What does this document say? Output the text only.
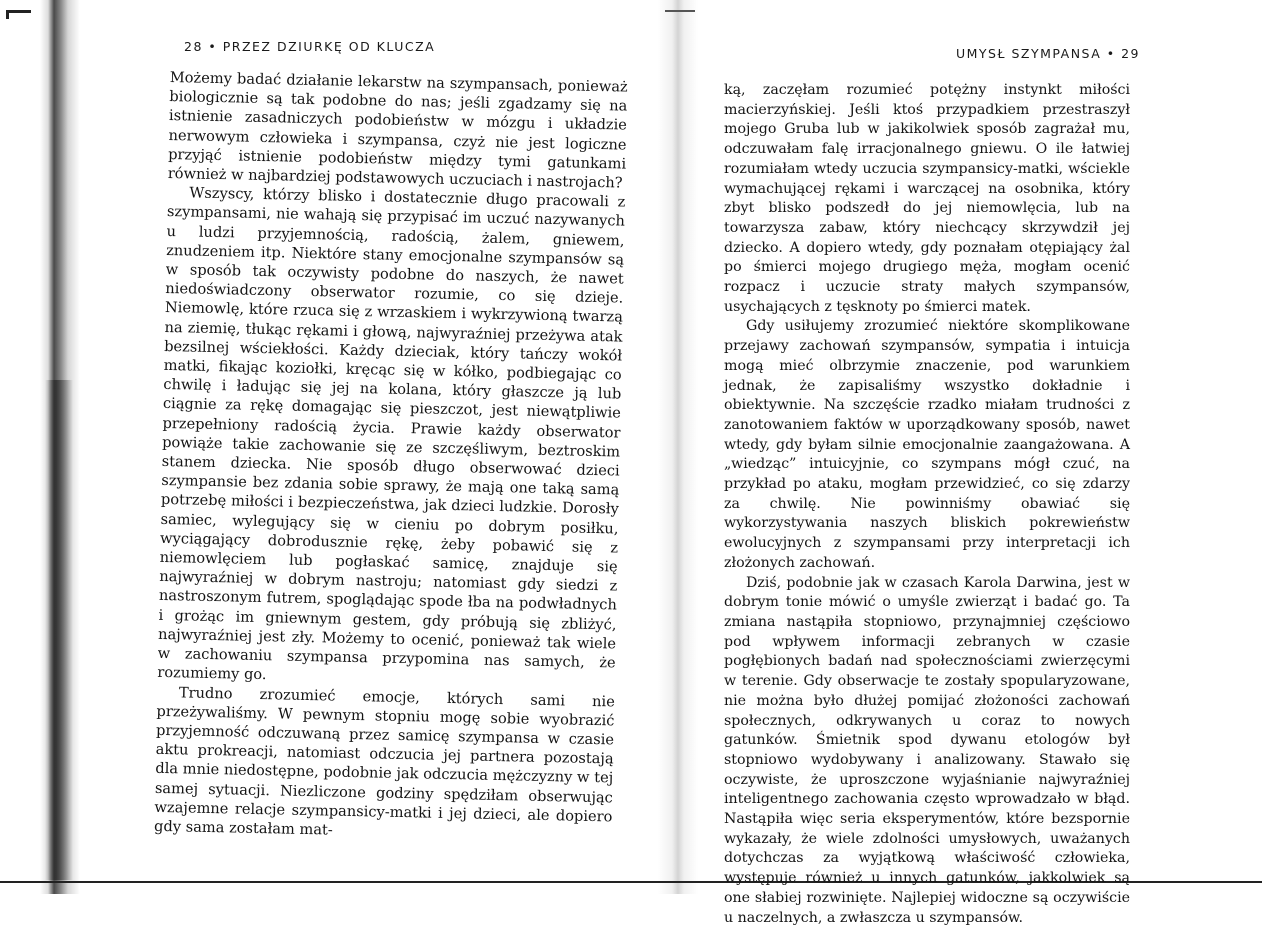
28 • PRZEZ DZIURKĘ OD KLUCZA

Możemy badać działanie lekarstw na szympansach, ponieważ biologicznie są tak podobne do nas; jeśli zgadzamy się na istnienie zasadniczych podobieństw w mózgu i układzie nerwowym człowieka i szympansa, czyż nie jest logiczne przyjąć istnienie podobieństw między tymi gatunkami również w najbardziej podstawowych uczuciach i nastrojach?

Wszyscy, którzy blisko i dostatecznie długo pracowali z szympansami, nie wahają się przypisać im uczuć nazywanych u ludzi przyjemnością, radością, żalem, gniewem, znudzeniem itp. Niektóre stany emocjonalne szympansów są w sposób tak oczywisty podobne do naszych, że nawet niedoświadczony obserwator rozumie, co się dzieje. Niemowlę, które rzuca się z wrzaskiem i wykrzywioną twarzą na ziemię, tłukąc rękami i głową, najwyraźniej przeżywa atak bezsilnej wściekłości. Każdy dzieciak, który tańczy wokół matki, fikając koziołki, kręcąc się w kółko, podbiegając co chwilę i ładując się jej na kolana, który głaszcze ją lub ciągnie za rękę domagając się pieszczot, jest niewątpliwie przepełniony radością życia. Prawie każdy obserwator powiąże takie zachowanie się ze szczęśliwym, beztroskim stanem dziecka. Nie sposób długo obserwować dzieci szympansie bez zdania sobie sprawy, że mają one taką samą potrzebę miłości i bezpieczeństwa, jak dzieci ludzkie. Dorosły samiec, wylegujący się w cieniu po dobrym posiłku, wyciągający dobrodusznie rękę, żeby pobawić się z niemowlęciem lub pogłaskać samicę, znajduje się najwyraźniej w dobrym nastroju; natomiast gdy siedzi z nastroszonym futrem, spoglądając spode łba na podwładnych i grożąc im gniewnym gestem, gdy próbują się zbliżyć, najwyraźniej jest zły. Możemy to ocenić, ponieważ tak wiele w zachowaniu szympansa przypomina nas samych, że rozumiemy go.

Trudno zrozumieć emocje, których sami nie przeżywaliśmy. W pewnym stopniu mogę sobie wyobrazić przyjemność odczuwaną przez samicę szympansa w czasie aktu prokreacji, natomiast odczucia jej partnera pozostają dla mnie niedostępne, podobnie jak odczucia mężczyzny w tej samej sytuacji. Niezliczone godziny spędziłam obserwując wzajemne relacje szympansicy-matki i jej dzieci, ale dopiero gdy sama zostałam mat-

UMYSŁ SZYMPANSA • 29

ką, zaczęłam rozumieć potężny instynkt miłości macierzyńskiej. Jeśli ktoś przypadkiem przestraszył mojego Gruba lub w jakikolwiek sposób zagrażał mu, odczuwałam falę irracjonalnego gniewu. O ile łatwiej rozumiałam wtedy uczucia szympansicy-matki, wściekle wymachującej rękami i warczącej na osobnika, który zbyt blisko podszedł do jej niemowlęcia, lub na towarzysza zabaw, który niechcący skrzywdził jej dziecko. A dopiero wtedy, gdy poznałam otępiający żal po śmierci mojego drugiego męża, mogłam ocenić rozpacz i uczucie straty małych szympansów, usychających z tęsknoty po śmierci matek.

Gdy usiłujemy zrozumieć niektóre skomplikowane przejawy zachowań szympansów, sympatia i intuicja mogą mieć olbrzymie znaczenie, pod warunkiem jednak, że zapisaliśmy wszystko dokładnie i obiektywnie. Na szczęście rzadko miałam trudności z zanotowaniem faktów w uporządkowany sposób, nawet wtedy, gdy byłam silnie emocjonalnie zaangażowana. A „wiedząc” intuicyjnie, co szympans mógł czuć, na przykład po ataku, mogłam przewidzieć, co się zdarzy za chwilę. Nie powinniśmy obawiać się wykorzystywania naszych bliskich pokrewieństw ewolucyjnych z szympansami przy interpretacji ich złożonych zachowań.

Dziś, podobnie jak w czasach Karola Darwina, jest w dobrym tonie mówić o umyśle zwierząt i badać go. Ta zmiana nastąpiła stopniowo, przynajmniej częściowo pod wpływem informacji zebranych w czasie pogłębionych badań nad społecznościami zwierzęcymi w terenie. Gdy obserwacje te zostały spopularyzowane, nie można było dłużej pomijać złożoności zachowań społecznych, odkrywanych u coraz to nowych gatunków. Śmietnik spod dywanu etologów był stopniowo wydobywany i analizowany. Stawało się oczywiste, że uproszczone wyjaśnianie najwyraźniej inteligentnego zachowania często wprowadzało w błąd. Nastąpiła więc seria eksperymentów, które bezspornie wykazały, że wiele zdolności umysłowych, uważanych dotychczas za wyjątkową właściwość człowieka, występuje również u innych gatunków, jakkolwiek są one słabiej rozwinięte. Najlepiej widoczne są oczywiście u naczelnych, a zwłaszcza u szympansów.
